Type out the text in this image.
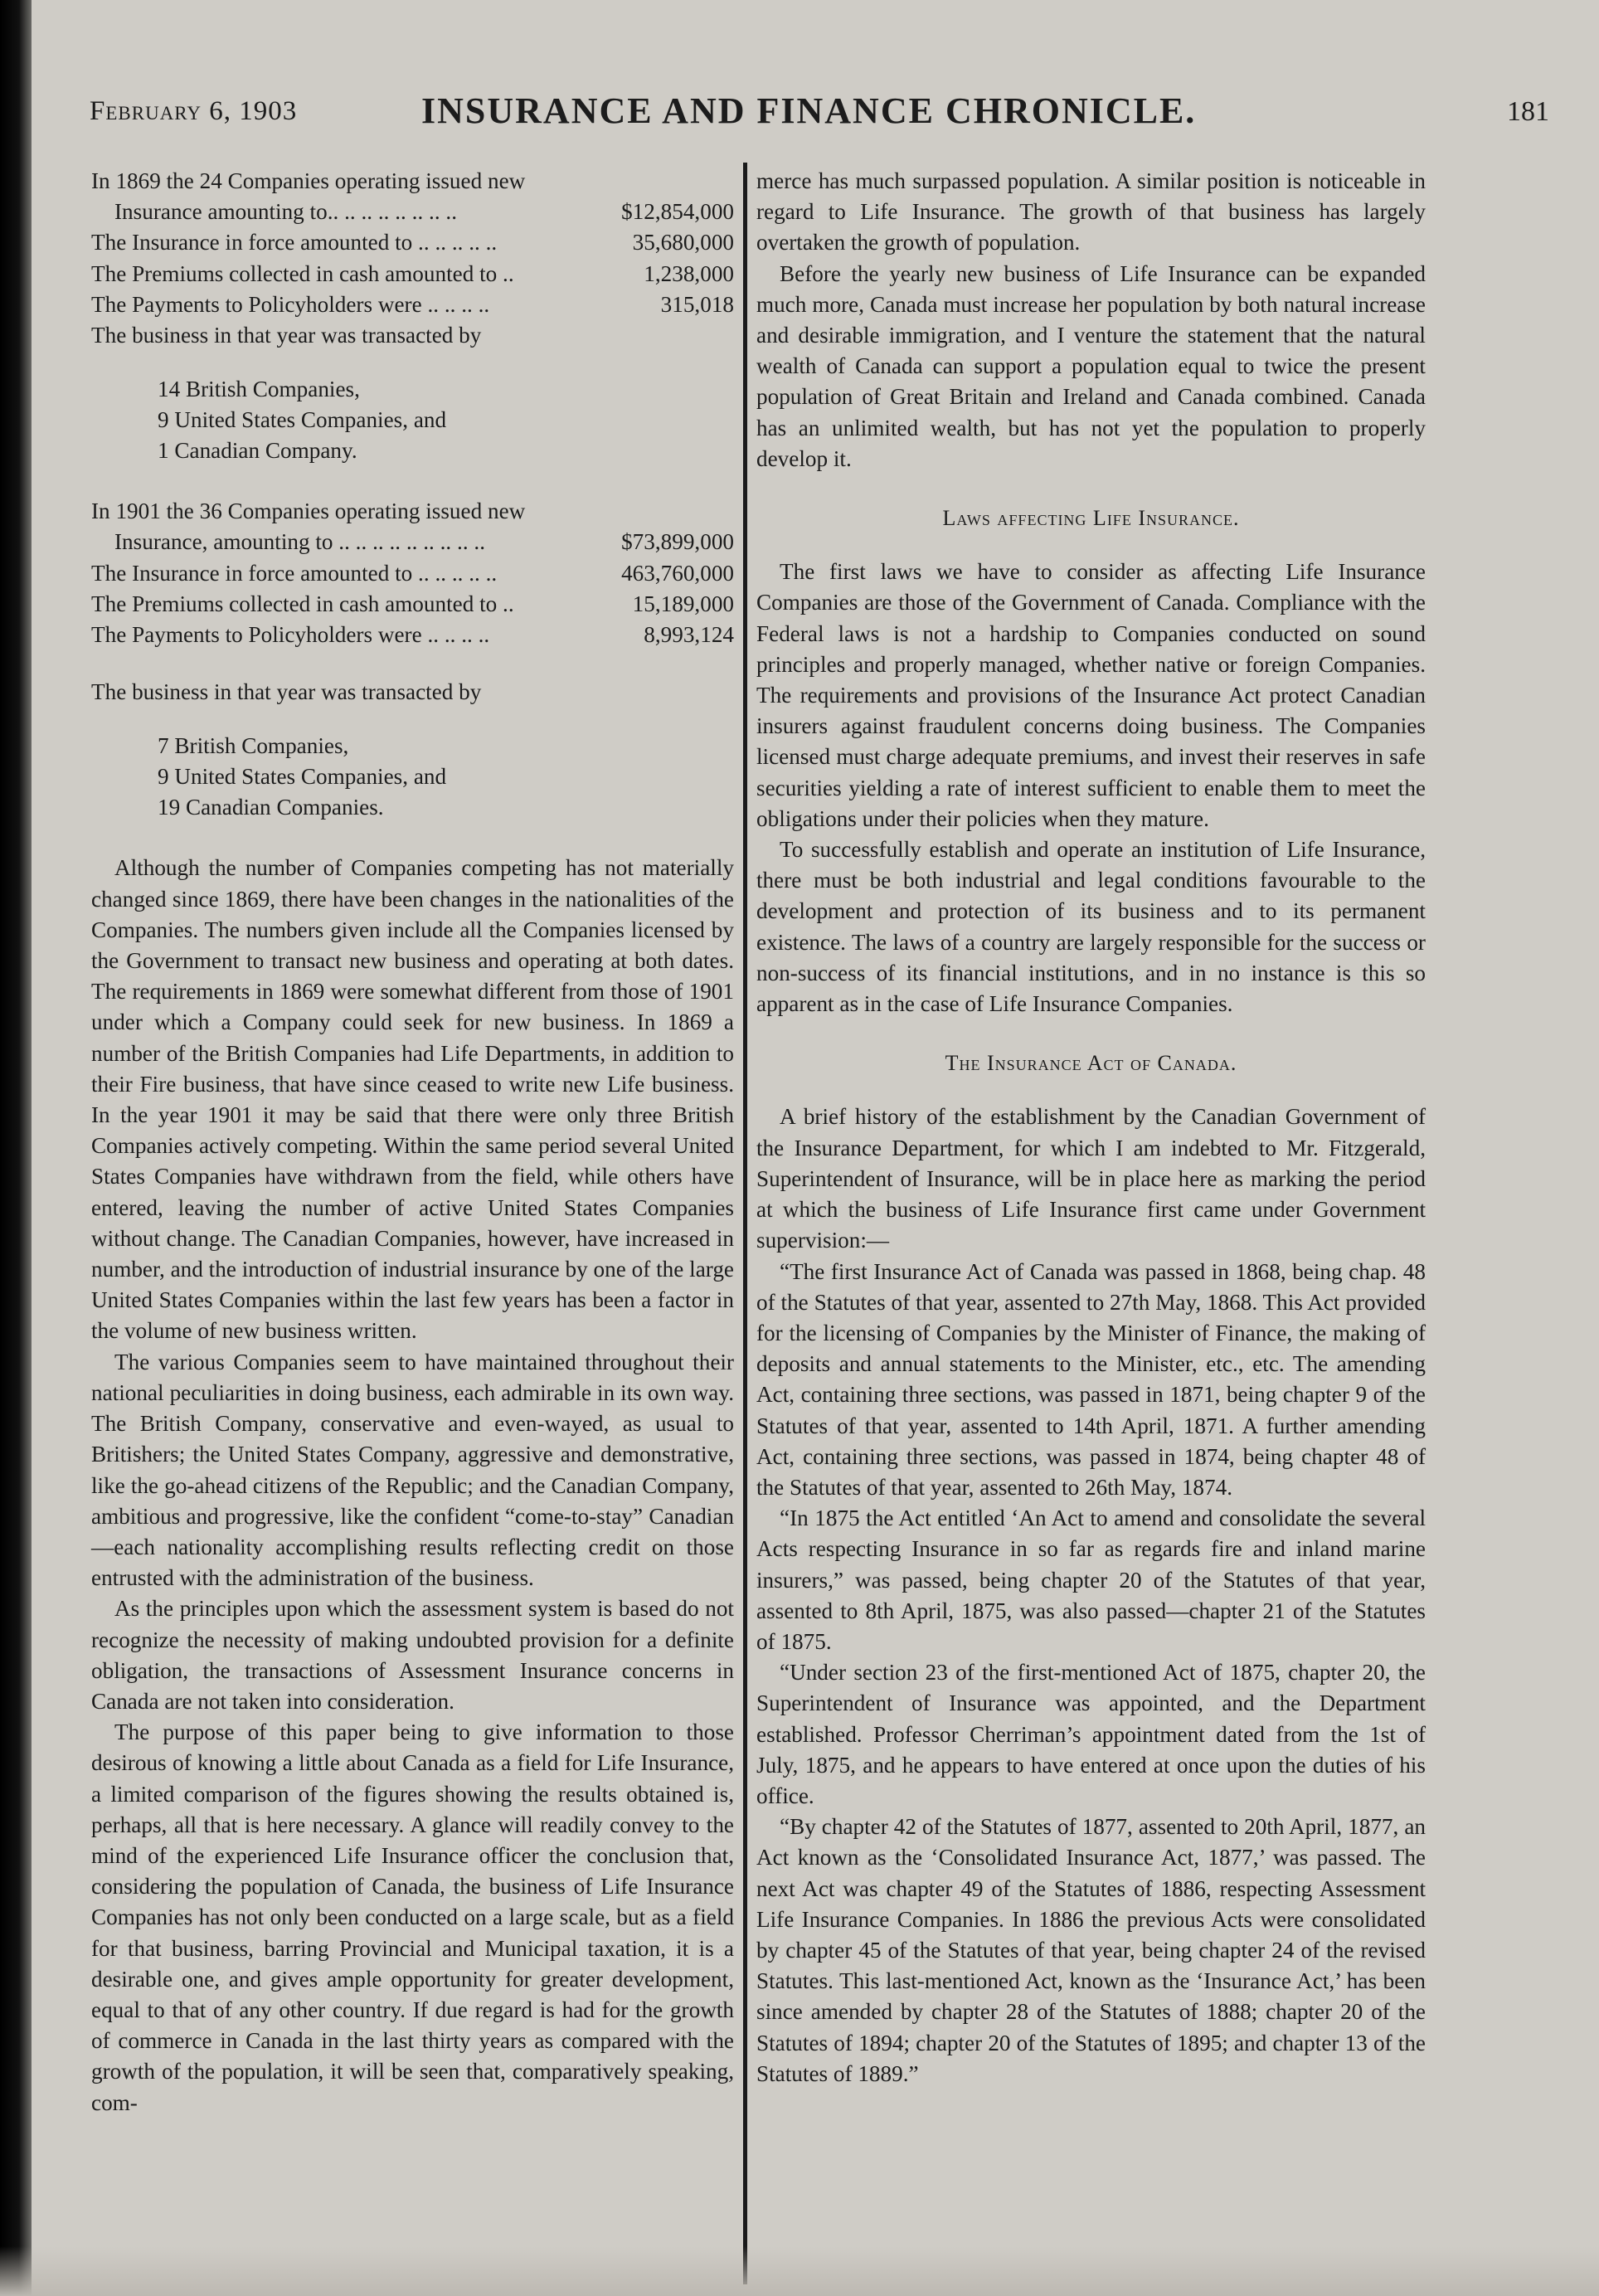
February 6, 1903	INSURANCE AND FINANCE CHRONICLE.	181
In 1869 the 24 Companies operating issued new
Insurance amounting to.. .. .. .. .. .. .. ..	$12,854,000
The Insurance in force amounted to .. .. .. .. ..	35,680,000
The Premiums collected in cash amounted to ..	1,238,000
The Payments to Policyholders were .. .. .. ..	315,018

The business in that year was transacted by

14 British Companies,
9 United States Companies, and
1 Canadian Company.
In 1901 the 36 Companies operating issued new
Insurance, amounting to .. .. .. .. .. .. .. .. ..	$73,899,000
The Insurance in force amounted to .. .. .. .. ..	463,760,000
The Premiums collected in cash amounted to ..	15,189,000
The Payments to Policyholders were .. .. .. ..	8,993,124

The business in that year was transacted by

7 British Companies,
9 United States Companies, and
19 Canadian Companies.

Although the number of Companies competing has not materially changed since 1869, there have been changes in the nationalities of the Companies. The numbers given include all the Companies licensed by the Government to transact new business and operating at both dates. The requirements in 1869 were somewhat different from those of 1901 under which a Company could seek for new business. In 1869 a number of the British Companies had Life Departments, in addition to their Fire business, that have since ceased to write new Life business. In the year 1901 it may be said that there were only three British Companies actively competing. Within the same period several United States Companies have withdrawn from the field, while others have entered, leaving the number of active United States Companies without change. The Canadian Companies, however, have increased in number, and the introduction of industrial insurance by one of the large United States Companies within the last few years has been a factor in the volume of new business written.

The various Companies seem to have maintained throughout their national peculiarities in doing business, each admirable in its own way. The British Company, conservative and even-wayed, as usual to Britishers; the United States Company, aggressive and demonstrative, like the go-ahead citizens of the Republic; and the Canadian Company, ambitious and progressive, like the confident “come-to-stay” Canadian—each nationality accomplishing results reflecting credit on those entrusted with the administration of the business.

As the principles upon which the assessment system is based do not recognize the necessity of making undoubted provision for a definite obligation, the transactions of Assessment Insurance concerns in Canada are not taken into consideration.

The purpose of this paper being to give information to those desirous of knowing a little about Canada as a field for Life Insurance, a limited comparison of the figures showing the results obtained is, perhaps, all that is here necessary. A glance will readily convey to the mind of the experienced Life Insurance officer the conclusion that, considering the population of Canada, the business of Life Insurance Companies has not only been conducted on a large scale, but as a field for that business, barring Provincial and Municipal taxation, it is a desirable one, and gives ample opportunity for greater development, equal to that of any other country. If due regard is had for the growth of commerce in Canada in the last thirty years as compared with the growth of the population, it will be seen that, comparatively speaking, com-

merce has much surpassed population. A similar position is noticeable in regard to Life Insurance. The growth of that business has largely overtaken the growth of population.

Before the yearly new business of Life Insurance can be expanded much more, Canada must increase her population by both natural increase and desirable immigration, and I venture the statement that the natural wealth of Canada can support a population equal to twice the present population of Great Britain and Ireland and Canada combined. Canada has an unlimited wealth, but has not yet the population to properly develop it.

Laws affecting Life Insurance.

The first laws we have to consider as affecting Life Insurance Companies are those of the Government of Canada. Compliance with the Federal laws is not a hardship to Companies conducted on sound principles and properly managed, whether native or foreign Companies. The requirements and provisions of the Insurance Act protect Canadian insurers against fraudulent concerns doing business. The Companies licensed must charge adequate premiums, and invest their reserves in safe securities yielding a rate of interest sufficient to enable them to meet the obligations under their policies when they mature.

To successfully establish and operate an institution of Life Insurance, there must be both industrial and legal conditions favourable to the development and protection of its business and to its permanent existence. The laws of a country are largely responsible for the success or non-success of its financial institutions, and in no instance is this so apparent as in the case of Life Insurance Companies.

The Insurance Act of Canada.

A brief history of the establishment by the Canadian Government of the Insurance Department, for which I am indebted to Mr. Fitzgerald, Superintendent of Insurance, will be in place here as marking the period at which the business of Life Insurance first came under Government supervision:—

“The first Insurance Act of Canada was passed in 1868, being chap. 48 of the Statutes of that year, assented to 27th May, 1868. This Act provided for the licensing of Companies by the Minister of Finance, the making of deposits and annual statements to the Minister, etc., etc. The amending Act, containing three sections, was passed in 1871, being chapter 9 of the Statutes of that year, assented to 14th April, 1871. A further amending Act, containing three sections, was passed in 1874, being chapter 48 of the Statutes of that year, assented to 26th May, 1874.

“In 1875 the Act entitled ‘An Act to amend and consolidate the several Acts respecting Insurance in so far as regards fire and inland marine insurers,” was passed, being chapter 20 of the Statutes of that year, assented to 8th April, 1875, was also passed—chapter 21 of the Statutes of 1875.

“Under section 23 of the first-mentioned Act of 1875, chapter 20, the Superintendent of Insurance was appointed, and the Department established. Professor Cherriman’s appointment dated from the 1st of July, 1875, and he appears to have entered at once upon the duties of his office.

“By chapter 42 of the Statutes of 1877, assented to 20th April, 1877, an Act known as the ‘Consolidated Insurance Act, 1877,’ was passed. The next Act was chapter 49 of the Statutes of 1886, respecting Assessment Life Insurance Companies. In 1886 the previous Acts were consolidated by chapter 45 of the Statutes of that year, being chapter 24 of the revised Statutes. This last-mentioned Act, known as the ‘Insurance Act,’ has been since amended by chapter 28 of the Statutes of 1888; chapter 20 of the Statutes of 1894; chapter 20 of the Statutes of 1895; and chapter 13 of the Statutes of 1889.”
